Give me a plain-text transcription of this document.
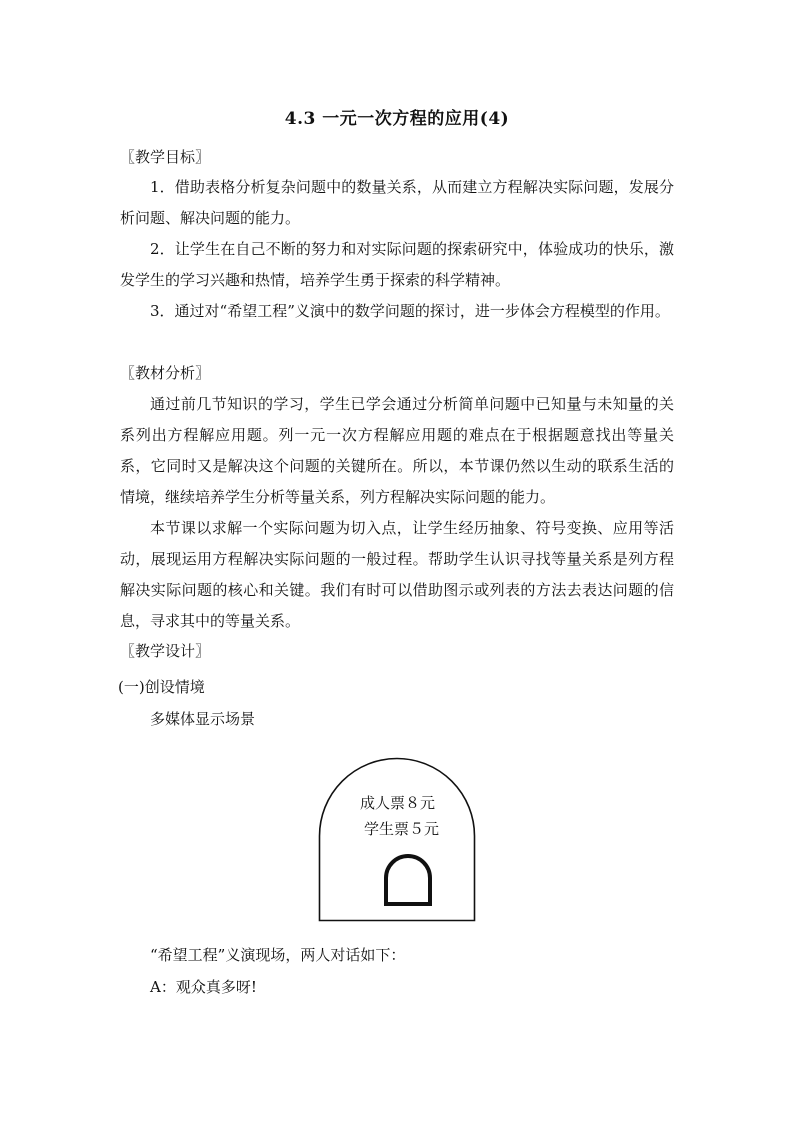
4.3 一元一次方程的应用(4)
〖教学目标〗
1．借助表格分析复杂问题中的数量关系，从而建立方程解决实际问题，发展分析问题、解决问题的能力。
2．让学生在自己不断的努力和对实际问题的探索研究中，体验成功的快乐，激发学生的学习兴趣和热情，培养学生勇于探索的科学精神。
3．通过对“希望工程”义演中的数学问题的探讨，进一步体会方程模型的作用。
〖教材分析〗
通过前几节知识的学习，学生已学会通过分析简单问题中已知量与未知量的关系列出方程解应用题。列一元一次方程解应用题的难点在于根据题意找出等量关系，它同时又是解决这个问题的关键所在。所以，本节课仍然以生动的联系生活的情境，继续培养学生分析等量关系，列方程解决实际问题的能力。
本节课以求解一个实际问题为切入点，让学生经历抽象、符号变换、应用等活动，展现运用方程解决实际问题的一般过程。帮助学生认识寻找等量关系是列方程解决实际问题的核心和关键。我们有时可以借助图示或列表的方法去表达问题的信息，寻求其中的等量关系。
〖教学设计〗
(一)创设情境
多媒体显示场景
成人票８元
学生票５元
“希望工程”义演现场，两人对话如下：
A：观众真多呀!
